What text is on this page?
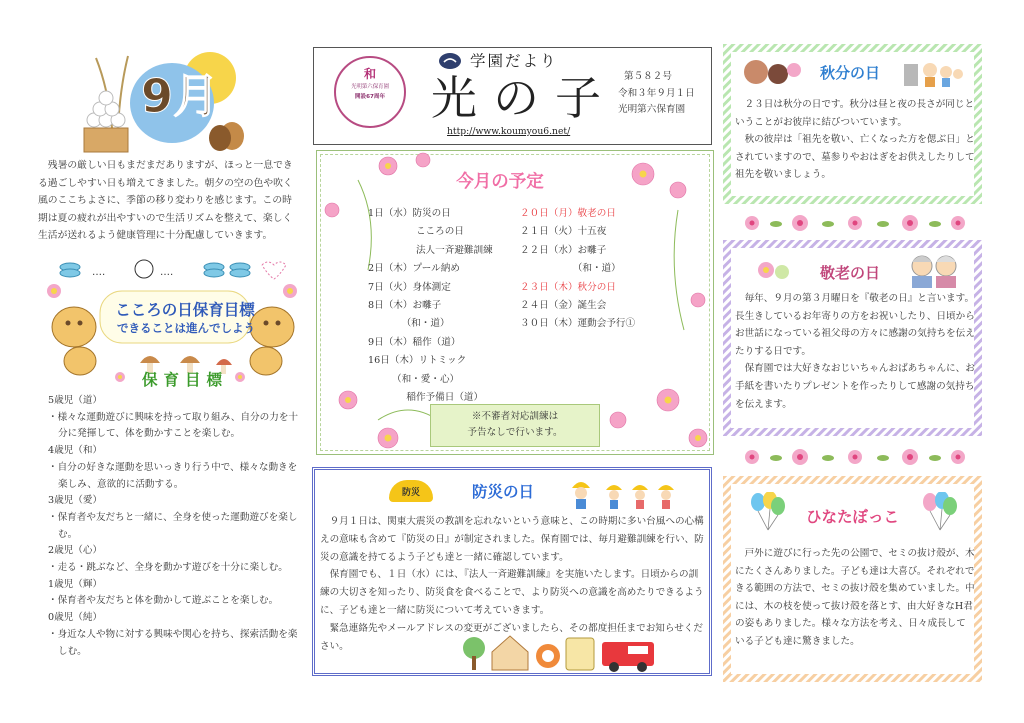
9月
残暑の厳しい日もまだまだありますが、ほっと一息できる過ごしやすい日も増えてきました。朝夕の空の色や吹く風のここちよさに、季節の移り変わりを感じます。この時期は夏の疲れが出やすいので生活リズムを整えて、楽しく生活が送れるよう健康管理に十分配慮していきます。
‥‥	‥‥
こころの日保育目標
できることは進んでしよう
保育目標
5歳児（道）
・様々な運動遊びに興味を持って取り組み、自分の力を十分に発揮して、体を動かすことを楽しむ。
4歳児（和）
・自分の好きな運動を思いっきり行う中で、様々な動きを楽しみ、意欲的に活動する。
3歳児（愛）
・保育者や友だちと一緒に、全身を使った運動遊びを楽しむ。
2歳児（心）
・走る・跳ぶなど、全身を動かす遊びを十分に楽しむ。
1歳児（輝）
・保育者や友だちと体を動かして遊ぶことを楽しむ。
0歳児（純）
・身近な人や物に対する興味や関心を持ち、探索活動を楽しむ。
和
光明第六保育園
開設67周年
学園だより
光の子
http://www.koumyou6.net/
第５８２号
令和３年９月１日
光明第六保育園
今月の予定
1日（水）防災の日
　　　　　こころの日
　　　　　法人一斉避難訓練
2日（木）プール納め
7日（火）身体測定
8日（木）お囃子
　　　　（和・道）
9日（木）稲作（道）
16日（木）リトミック
　　　（和・愛・心）
　　　　稲作予備日（道）
２０日（月）敬老の日
２１日（火）十五夜
２２日（水）お囃子
　　　　　　（和・道）
２３日（木）秋分の日
２４日（金）誕生会
３０日（木）運動会予行①
※不審者対応訓練は
予告なしで行います。
防災	防災の日

９月１日は、関東大震災の教訓を忘れないという意味と、この時期に多い台風への心構えの意味も含めて『防災の日』が制定されました。保育園では、毎月避難訓練を行い、防災の意識を持てるよう子ども達と一緒に確認しています。

保育園でも、１日（水）には、『法人一斉避難訓練』を実施いたします。日頃からの訓練の大切さを知ったり、防災食を食べることで、より防災への意識を高めたりできるように、子ども達と一緒に防災について考えていきます。

緊急連絡先やメールアドレスの変更がございましたら、その都度担任までお知らせください。

秋分の日

２３日は秋分の日です。秋分は昼と夜の長さが同じということがお彼岸に結びついています。

秋の彼岸は「祖先を敬い、亡くなった方を偲ぶ日」とされていますので、墓参りやおはぎをお供えしたりして祖先を敬いましょう。

敬老の日

毎年、９月の第３月曜日を『敬老の日』と言います。長生きしているお年寄りの方をお祝いしたり、日頃からお世話になっている祖父母の方々に感謝の気持ちを伝えたりする日です。

保育園では大好きなおじいちゃんおばあちゃんに、お手紙を書いたりプレゼントを作ったりして感謝の気持ちを伝えます。

ひなたぼっこ
戸外に遊びに行った先の公園で、セミの抜け殻が、木にたくさんありました。子ども達は大喜び。それぞれできる範囲の方法で、セミの抜け殻を集めていました。中には、木の枝を使って抜け殻を落とす、由大好きなH君の姿もありました。様々な方法を考え、日々成長している子ども達に驚きました。
